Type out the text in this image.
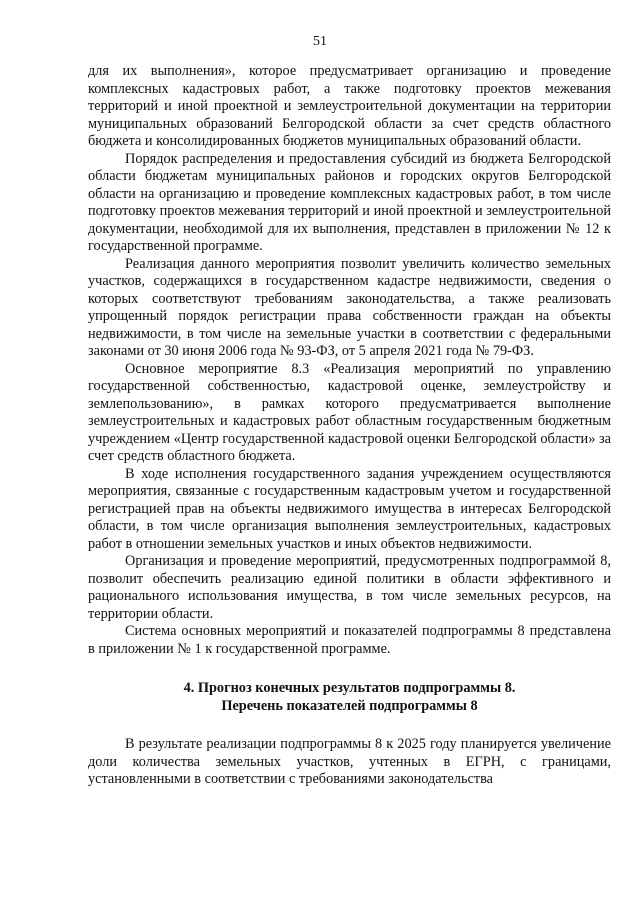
51

для их выполнения», которое предусматривает организацию и проведение комплексных кадастровых работ, а также подготовку проектов межевания территорий и иной проектной и землеустроительной документации на территории муниципальных образований Белгородской области за счет средств областного бюджета и консолидированных бюджетов муниципальных образований области.

Порядок распределения и предоставления субсидий из бюджета Белгородской области бюджетам муниципальных районов и городских округов Белгородской области на организацию и проведение комплексных кадастровых работ, в том числе подготовку проектов межевания территорий и иной проектной и землеустроительной документации, необходимой для их выполнения, представлен в приложении № 12 к государственной программе.

Реализация данного мероприятия позволит увеличить количество земельных участков, содержащихся в государственном кадастре недвижимости, сведения о которых соответствуют требованиям законодательства, а также реализовать упрощенный порядок регистрации права собственности граждан на объекты недвижимости, в том числе на земельные участки в соответствии с федеральными законами от 30 июня 2006 года № 93-ФЗ, от 5 апреля 2021 года № 79-ФЗ.

Основное мероприятие 8.3 «Реализация мероприятий по управлению государственной собственностью, кадастровой оценке, землеустройству и землепользованию», в рамках которого предусматривается выполнение землеустроительных и кадастровых работ областным государственным бюджетным учреждением «Центр государственной кадастровой оценки Белгородской области» за счет средств областного бюджета.

В ходе исполнения государственного задания учреждением осуществляются мероприятия, связанные с государственным кадастровым учетом и государственной регистрацией прав на объекты недвижимого имущества в интересах Белгородской области, в том числе организация выполнения землеустроительных, кадастровых работ в отношении земельных участков и иных объектов недвижимости.

Организация и проведение мероприятий, предусмотренных подпрограммой 8, позволит обеспечить реализацию единой политики в области эффективного и рационального использования имущества, в том числе земельных ресурсов, на территории области.

Система основных мероприятий и показателей подпрограммы 8 представлена в приложении № 1 к государственной программе.

4. Прогноз конечных результатов подпрограммы 8.

Перечень показателей подпрограммы 8

В результате реализации подпрограммы 8 к 2025 году планируется увеличение доли количества земельных участков, учтенных в ЕГРН, с границами, установленными в соответствии с требованиями законодательства
